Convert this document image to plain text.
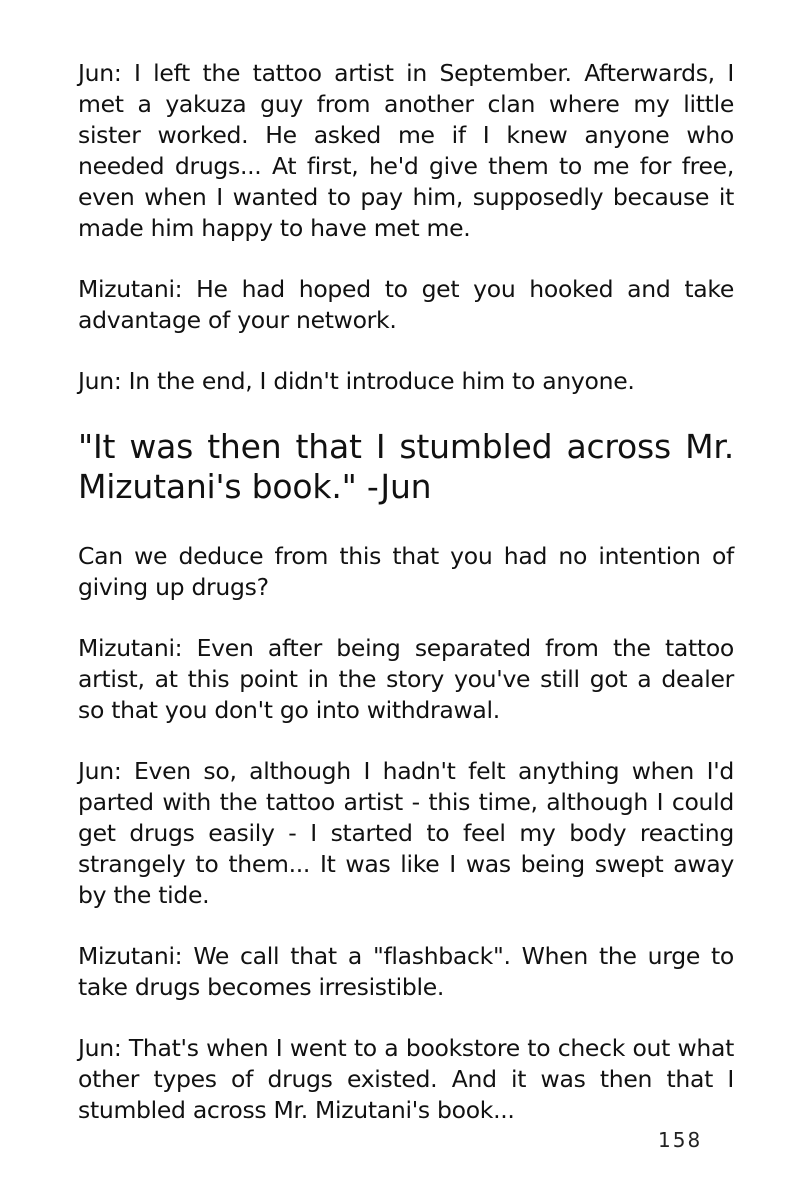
Jun: I left the tattoo artist in September. Afterwards, I met a yakuza guy from another clan where my little sister worked. He asked me if I knew anyone who needed drugs... At first, he'd give them to me for free, even when I wanted to pay him, supposedly because it made him happy to have met me.

Mizutani: He had hoped to get you hooked and take advantage of your network.

Jun: In the end, I didn't introduce him to anyone.

"It was then that I stumbled across Mr. Mizutani's book." -Jun

Can we deduce from this that you had no intention of giving up drugs?

Mizutani: Even after being separated from the tattoo artist, at this point in the story you've still got a dealer so that you don't go into withdrawal.

Jun: Even so, although I hadn't felt anything when I'd parted with the tattoo artist - this time, although I could get drugs easily - I started to feel my body reacting strangely to them... It was like I was being swept away by the tide.

Mizutani: We call that a "flashback". When the urge to take drugs becomes irresistible.

Jun: That's when I went to a bookstore to check out what other types of drugs existed. And it was then that I stumbled across Mr. Mizutani's book...

158
